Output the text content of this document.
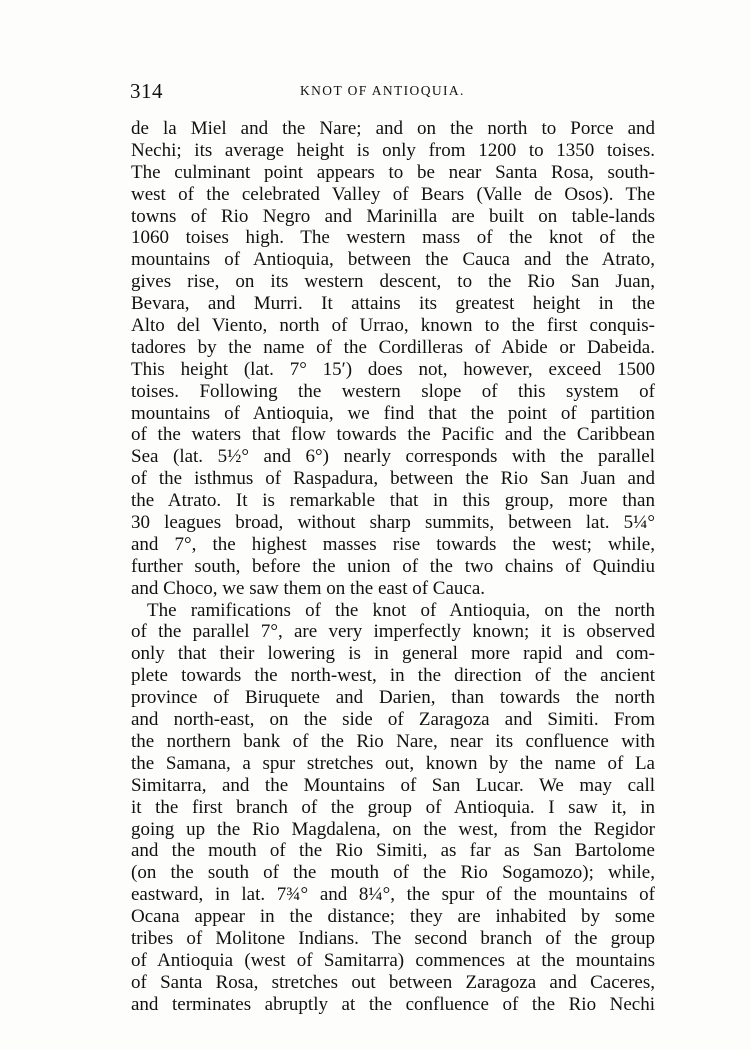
314	KNOT OF ANTIOQUIA.
de la Miel and the Nare; and on the north to Porce and
Nechi; its average height is only from 1200 to 1350 toises.
The culminant point appears to be near Santa Rosa, south-
west of the celebrated Valley of Bears (Valle de Osos). The
towns of Rio Negro and Marinilla are built on table-lands
1060 toises high. The western mass of the knot of the
mountains of Antioquia, between the Cauca and the Atrato,
gives rise, on its western descent, to the Rio San Juan,
Bevara, and Murri. It attains its greatest height in the
Alto del Viento, north of Urrao, known to the first conquis-
tadores by the name of the Cordilleras of Abide or Dabeida.
This height (lat. 7° 15′) does not, however, exceed 1500
toises. Following the western slope of this system of
mountains of Antioquia, we find that the point of partition
of the waters that flow towards the Pacific and the Caribbean
Sea (lat. 5½° and 6°) nearly corresponds with the parallel
of the isthmus of Raspadura, between the Rio San Juan and
the Atrato. It is remarkable that in this group, more than
30 leagues broad, without sharp summits, between lat. 5¼°
and 7°, the highest masses rise towards the west; while,
further south, before the union of the two chains of Quindiu
and Choco, we saw them on the east of Cauca.
The ramifications of the knot of Antioquia, on the north
of the parallel 7°, are very imperfectly known; it is observed
only that their lowering is in general more rapid and com-
plete towards the north-west, in the direction of the ancient
province of Biruquete and Darien, than towards the north
and north-east, on the side of Zaragoza and Simiti. From
the northern bank of the Rio Nare, near its confluence with
the Samana, a spur stretches out, known by the name of La
Simitarra, and the Mountains of San Lucar. We may call
it the first branch of the group of Antioquia. I saw it, in
going up the Rio Magdalena, on the west, from the Regidor
and the mouth of the Rio Simiti, as far as San Bartolome
(on the south of the mouth of the Rio Sogamozo); while,
eastward, in lat. 7¾° and 8¼°, the spur of the mountains of
Ocana appear in the distance; they are inhabited by some
tribes of Molitone Indians. The second branch of the group
of Antioquia (west of Samitarra) commences at the mountains
of Santa Rosa, stretches out between Zaragoza and Caceres,
and terminates abruptly at the confluence of the Rio Nechi
